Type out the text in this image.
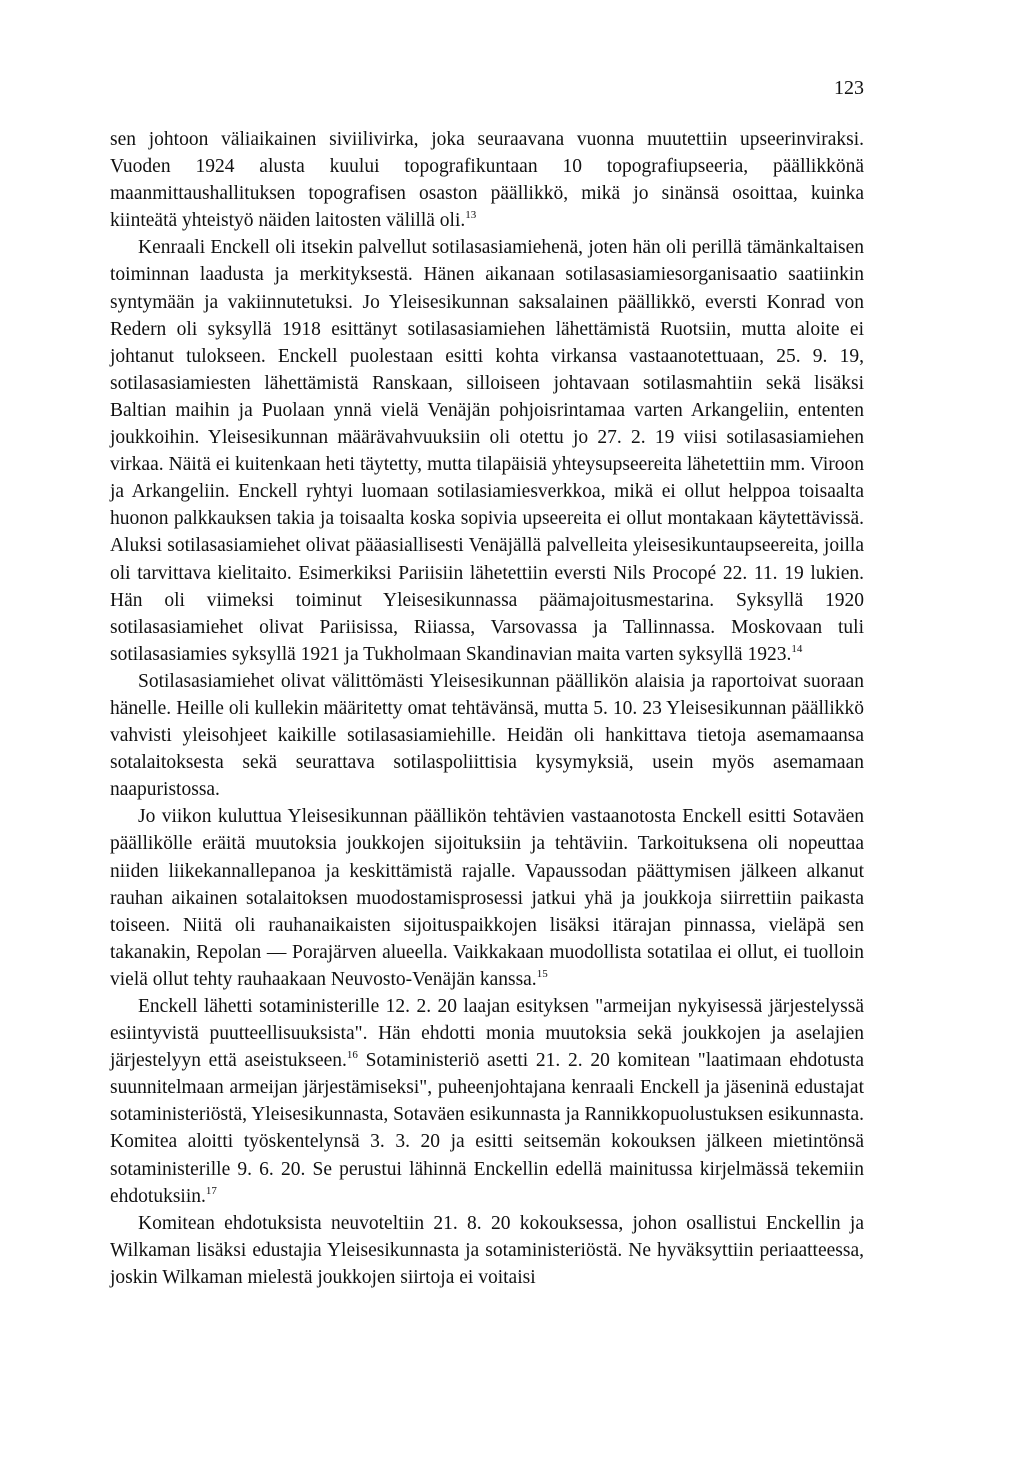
123

sen johtoon väliaikainen siviilivirka, joka seuraavana vuonna muutettiin upseerinviraksi. Vuoden 1924 alusta kuului topografikuntaan 10 topografiupseeria, päällikkönä maanmittaushallituksen topografisen osaston päällikkö, mikä jo sinänsä osoittaa, kuinka kiinteätä yhteistyö näiden laitosten välillä oli.$^{13}$

Kenraali Enckell oli itsekin palvellut sotilasasiamiehenä, joten hän oli perillä tämänkaltaisen toiminnan laadusta ja merkityksestä. Hänen aikanaan sotilasasiamiesorganisaatio saatiinkin syntymään ja vakiinnutetuksi. Jo Yleisesikunnan saksalainen päällikkö, eversti Konrad von Redern oli syksyllä 1918 esittänyt sotilasasiamiehen lähettämistä Ruotsiin, mutta aloite ei johtanut tulokseen. Enckell puolestaan esitti kohta virkansa vastaanotettuaan, 25. 9. 19, sotilasasiamiesten lähettämistä Ranskaan, silloiseen johtavaan sotilasmahtiin sekä lisäksi Baltian maihin ja Puolaan ynnä vielä Venäjän pohjoisrintamaa varten Arkangeliin, ententen joukkoihin. Yleisesikunnan määrävahvuuksiin oli otettu jo 27. 2. 19 viisi sotilasasiamiehen virkaa. Näitä ei kuitenkaan heti täytetty, mutta tilapäisiä yhteysupseereita lähetettiin mm. Viroon ja Arkangeliin. Enckell ryhtyi luomaan sotilasiamiesverkkoa, mikä ei ollut helppoa toisaalta huonon palkkauksen takia ja toisaalta koska sopivia upseereita ei ollut montakaan käytettävissä. Aluksi sotilasasiamiehet olivat pääasiallisesti Venäjällä palvelleita yleisesikuntaupseereita, joilla oli tarvittava kielitaito. Esimerkiksi Pariisiin lähetettiin eversti Nils Procopé 22. 11. 19 lukien. Hän oli viimeksi toiminut Yleisesikunnassa päämajoitusmestarina. Syksyllä 1920 sotilasasiamiehet olivat Pariisissa, Riiassa, Varsovassa ja Tallinnassa. Moskovaan tuli sotilasasiamies syksyllä 1921 ja Tukholmaan Skandinavian maita varten syksyllä 1923.14

Sotilasasiamiehet olivat välittömästi Yleisesikunnan päällikön alaisia ja raportoivat suoraan hänelle. Heille oli kullekin määritetty omat tehtävänsä, mutta 5. 10. 23 Yleisesikunnan päällikkö vahvisti yleisohjeet kaikille sotilasasiamiehille. Heidän oli hankittava tietoja asemamaansa sotalaitoksesta sekä seurattava sotilaspoliittisia kysymyksiä, usein myös asemamaan naapuristossa.

Jo viikon kuluttua Yleisesikunnan päällikön tehtävien vastaanotosta Enckell esitti Sotaväen päällikölle eräitä muutoksia joukkojen sijoituksiin ja tehtäviin. Tarkoituksena oli nopeuttaa niiden liikekannallepanoa ja keskittämistä rajalle. Vapaussodan päättymisen jälkeen alkanut rauhan aikainen sotalaitoksen muodostamisprosessi jatkui yhä ja joukkoja siirrettiin paikasta toiseen. Niitä oli rauhanaikaisten sijoituspaikkojen lisäksi itärajan pinnassa, vieläpä sen takanakin, Repolan — Porajärven alueella. Vaikkakaan muodollista sotatilaa ei ollut, ei tuolloin vielä ollut tehty rauhaakaan Neuvosto-Venäjän kanssa.$^{15}$

Enckell lähetti sotaministerille 12. 2. 20 laajan esityksen "armeijan nykyisessä järjestelyssä esiintyvistä puutteellisuuksista". Hän ehdotti monia muutoksia sekä joukkojen ja aselajien järjestelyyn että aseistukseen.$^{16}$ Sotaministeriö asetti 21. 2. 20 komitean "laatimaan ehdotusta suunnitelmaan armeijan järjestämiseksi", puheenjohtajana kenraali Enckell ja jäseninä edustajat sotaministeriöstä, Yleisesikunnasta, Sotaväen esikunnasta ja Rannikkopuolustuksen esikunnasta. Komitea aloitti työskentelynsä 3. 3. 20 ja esitti seitsemän kokouksen jälkeen mietintönsä sotaministerille 9. 6. 20. Se perustui lähinnä Enckellin edellä mainitussa kirjelmässä tekemiin ehdotuksiin.$^{17}$

Komitean ehdotuksista neuvoteltiin 21. 8. 20 kokouksessa, johon osallistui Enckellin ja Wilkaman lisäksi edustajia Yleisesikunnasta ja sotaministeriöstä. Ne hyväksyttiin periaatteessa, joskin Wilkaman mielestä joukkojen siirtoja ei voitaisi
